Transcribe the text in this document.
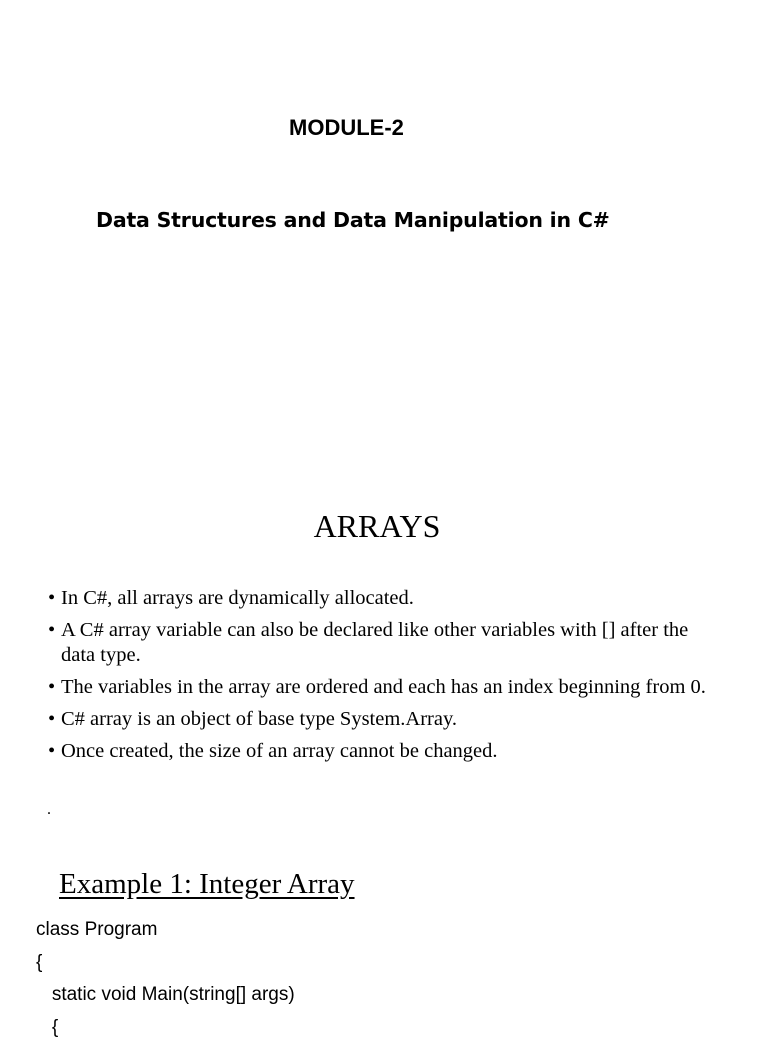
MODULE-2
Data Structures and Data Manipulation in C#
ARRAYS
• In C#, all arrays are dynamically allocated.
• A C# array variable can also be declared like other variables with [] after the data type.
• The variables in the array are ordered and each has an index beginning from 0.
• C# array is an object of base type System.Array.
• Once created, the size of an array cannot be changed.
.
Example 1: Integer Array
class Program
{
static void Main(string[] args)
{
